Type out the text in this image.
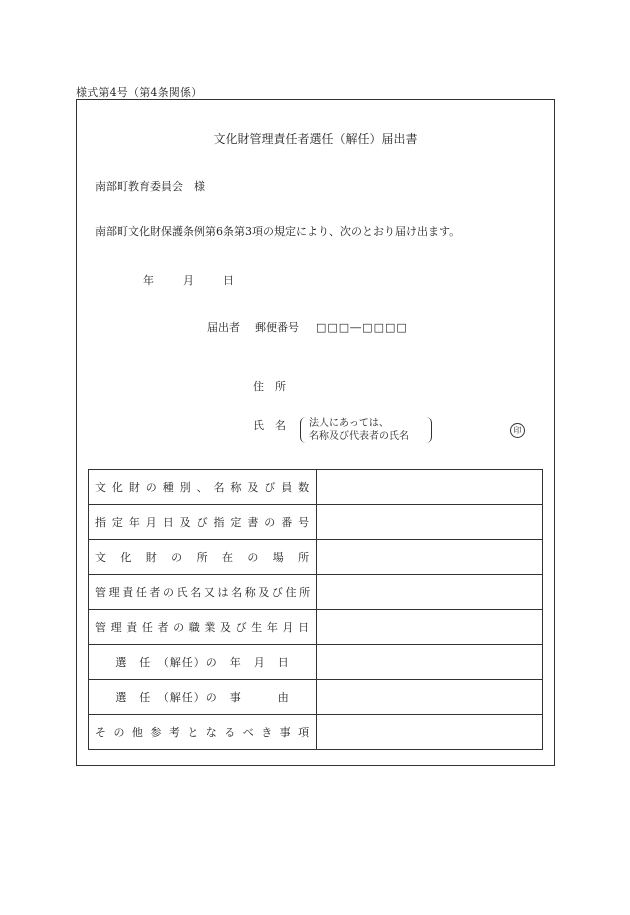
様式第4号（第4条関係）
文化財管理責任者選任（解任）届出書
南部町教育委員会　様
南部町文化財保護条例第6条第3項の規定により、次のとおり届け出ます。
年	月	日
届出者 郵便番号 □□□―□□□□
住　所
氏　名 法人にあっては、
名称及び代表者の氏名
印
文化財の種別、名称及び員数	
指定年月日及び指定書の番号	
文化財の所在の場所	
管理責任者の氏名又は名称及び住所	
管理責任者の職業及び生年月日	
選　任　（解任）の　年　月　日	
選　任　（解任）の　事　　　由	
その他参考となるべき事項	
